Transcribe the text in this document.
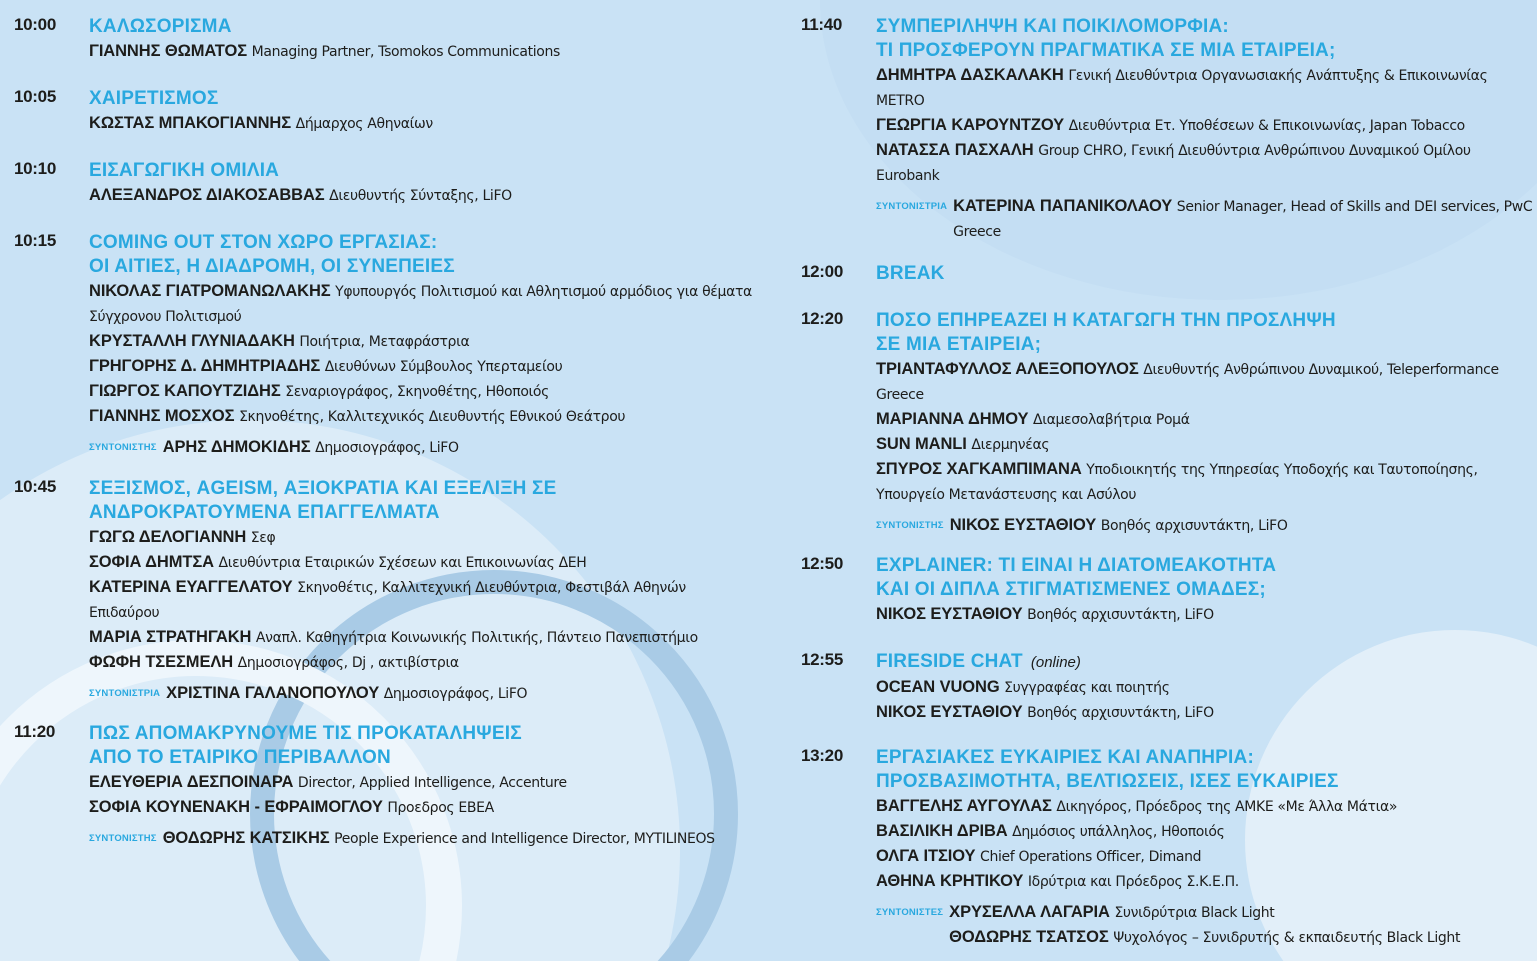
10:00 ΚΑΛΩΣΟΡΙΣΜΑ
ΓΙΑΝΝΗΣ ΘΩΜΑΤΟΣ Managing Partner, Tsomokos Communications
10:05 ΧΑΙΡΕΤΙΣΜΟΣ
ΚΩΣΤΑΣ ΜΠΑΚΟΓΙΑΝΝΗΣ Δήμαρχος Αθηναίων
10:10 ΕΙΣΑΓΩΓΙΚΗ ΟΜΙΛΙΑ
ΑΛΕΞΑΝΔΡΟΣ ΔΙΑΚΟΣΑΒΒΑΣ Διευθυντής Σύνταξης, LiFO
10:15 COMING OUT ΣΤΟΝ ΧΩΡΟ ΕΡΓΑΣΙΑΣ:
ΟΙ ΑΙΤΙΕΣ, Η ΔΙΑΔΡΟΜΗ, ΟΙ ΣΥΝΕΠΕΙΕΣ
ΝΙΚΟΛΑΣ ΓΙΑΤΡΟΜΑΝΩΛΑΚΗΣ Υφυπουργός Πολιτισμού και Αθλητισμού αρμόδιος για θέματα Σύγχρονου Πολιτισμού
ΚΡΥΣΤΑΛΛΗ ΓΛΥΝΙΑΔΑΚΗ Ποιήτρια, Μεταφράστρια
ΓΡΗΓΟΡΗΣ Δ. ΔΗΜΗΤΡΙΑΔΗΣ Διευθύνων Σύμβουλος Υπερταμείου
ΓΙΩΡΓΟΣ ΚΑΠΟΥΤΖΙΔΗΣ Σεναριογράφος, Σκηνοθέτης, Ηθοποιός
ΓΙΑΝΝΗΣ ΜΟΣΧΟΣ Σκηνοθέτης, Καλλιτεχνικός Διευθυντής Εθνικού Θεάτρου
ΣΥΝΤΟΝΙΣΤΗΣ ΑΡΗΣ ΔΗΜΟΚΙΔΗΣ Δημοσιογράφος, LiFO
10:45 ΣΕΞΙΣΜΟΣ, AGEISM, ΑΞΙΟΚΡΑΤΙΑ ΚΑΙ ΕΞΕΛΙΞΗ ΣΕ
ΑΝΔΡΟΚΡΑΤΟΥΜΕΝΑ ΕΠΑΓΓΕΛΜΑΤΑ
ΓΩΓΩ ΔΕΛΟΓΙΑΝΝΗ Σεφ
ΣΟΦΙΑ ΔΗΜΤΣΑ Διευθύντρια Εταιρικών Σχέσεων και Επικοινωνίας ΔΕΗ
ΚΑΤΕΡΙΝΑ ΕΥΑΓΓΕΛΑΤΟΥ Σκηνοθέτις, Καλλιτεχνική Διευθύντρια, Φεστιβάλ Αθηνών Επιδαύρου
ΜΑΡΙΑ ΣΤΡΑΤΗΓΑΚΗ Αναπλ. Καθηγήτρια Κοινωνικής Πολιτικής, Πάντειο Πανεπιστήμιο
ΦΩΦΗ ΤΣΕΣΜΕΛΗ Δημοσιογράφος, Dj , ακτιβίστρια
ΣΥΝΤΟΝΙΣΤΡΙΑ ΧΡΙΣΤΙΝΑ ΓΑΛΑΝΟΠΟΥΛΟΥ Δημοσιογράφος, LiFO
11:20 ΠΩΣ ΑΠΟΜΑΚΡΥΝΟΥΜΕ ΤΙΣ ΠΡΟΚΑΤΑΛΗΨΕΙΣ
ΑΠΟ ΤΟ ΕΤΑΙΡΙΚΟ ΠΕΡΙΒΑΛΛΟΝ
ΕΛΕΥΘΕΡΙΑ ΔΕΣΠΟΙΝΑΡΑ Director, Applied Intelligence, Accenture
ΣΟΦΙΑ ΚΟΥΝΕΝΑΚΗ - ΕΦΡΑΙΜΟΓΛΟΥ Προεδρος ΕΒΕΑ
ΣΥΝΤΟΝΙΣΤΗΣ ΘΟΔΩΡΗΣ ΚΑΤΣΙΚΗΣ People Experience and Intelligence Director, MYTILINEOS
11:40 ΣΥΜΠΕΡΙΛΗΨΗ ΚΑΙ ΠΟΙΚΙΛΟΜΟΡΦΙΑ:
ΤΙ ΠΡΟΣΦΕΡΟΥΝ ΠΡΑΓΜΑΤΙΚΑ ΣΕ ΜΙΑ ΕΤΑΙΡΕΙΑ;
ΔΗΜΗΤΡΑ ΔΑΣΚΑΛΑΚΗ Γενική Διευθύντρια Οργανωσιακής Ανάπτυξης & Επικοινωνίας METRO
ΓΕΩΡΓΙΑ ΚΑΡΟΥΝΤΖΟΥ Διευθύντρια Ετ. Υποθέσεων & Επικοινωνίας, Japan Tobacco
ΝΑΤΑΣΣΑ ΠΑΣΧΑΛΗ Group CHRO, Γενική Διευθύντρια Ανθρώπινου Δυναμικού Ομίλου Eurobank
ΣΥΝΤΟΝΙΣΤΡΙΑ ΚΑΤΕΡΙΝΑ ΠΑΠΑΝΙΚΟΛΑΟΥ Senior Manager, Head of Skills and DEI services, PwC Greece
12:00 BREAK
12:20 ΠΟΣΟ ΕΠΗΡΕΑΖΕΙ Η ΚΑΤΑΓΩΓΗ ΤΗΝ ΠΡΟΣΛΗΨΗ
ΣΕ ΜΙΑ ΕΤΑΙΡΕΙΑ;
ΤΡΙΑΝΤΑΦΥΛΛΟΣ ΑΛΕΞΟΠΟΥΛΟΣ Διευθυντής Ανθρώπινου Δυναμικού, Teleperformance Greece
ΜΑΡΙΑΝΝΑ ΔΗΜΟΥ Διαμεσολαβήτρια Ρομά
SUN MANLI Διερμηνέας
ΣΠΥΡΟΣ ΧΑΓΚΑΜΠΙΜΑΝΑ Υποδιοικητής της Υπηρεσίας Υποδοχής και Ταυτοποίησης, Υπουργείο Μετανάστευσης και Ασύλου
ΣΥΝΤΟΝΙΣΤΗΣ ΝΙΚΟΣ ΕΥΣΤΑΘΙΟΥ Βοηθός αρχισυντάκτη, LiFO
12:50 EXPLAINER: ΤΙ ΕΙΝΑΙ Η ΔΙΑΤΟΜΕΑΚΟΤΗΤΑ
ΚΑΙ ΟΙ ΔΙΠΛΑ ΣΤΙΓΜΑΤΙΣΜΕΝΕΣ ΟΜΑΔΕΣ;
ΝΙΚΟΣ ΕΥΣΤΑΘΙΟΥ Βοηθός αρχισυντάκτη, LiFO
12:55 FIRESIDE CHAT (online)
OCEAN VUONG Συγγραφέας και ποιητής
ΝΙΚΟΣ ΕΥΣΤΑΘΙΟΥ Βοηθός αρχισυντάκτη, LiFO
13:20 ΕΡΓΑΣΙΑΚΕΣ ΕΥΚΑΙΡΙΕΣ ΚΑΙ ΑΝΑΠΗΡΙΑ:
ΠΡΟΣΒΑΣΙΜΟΤΗΤΑ, ΒΕΛΤΙΩΣΕΙΣ, ΙΣΕΣ ΕΥΚΑΙΡΙΕΣ
ΒΑΓΓΕΛΗΣ ΑΥΓΟΥΛΑΣ Δικηγόρος, Πρόεδρος της ΑΜΚΕ «Με Άλλα Μάτια»
ΒΑΣΙΛΙΚΗ ΔΡΙΒΑ Δημόσιος υπάλληλος, Ηθοποιός
ΟΛΓΑ ΙΤΣΙΟΥ Chief Operations Officer, Dimand
ΑΘΗΝΑ ΚΡΗΤΙΚΟΥ Ιδρύτρια και Πρόεδρος Σ.Κ.Ε.Π.
ΣΥΝΤΟΝΙΣΤΕΣ ΧΡΥΣΕΛΛΑ ΛΑΓΑΡΙΑ Συνιδρύτρια Black Light
ΘΟΔΩΡΗΣ ΤΣΑΤΣΟΣ Ψυχολόγος – Συνιδρυτής & εκπαιδευτής Black Light
